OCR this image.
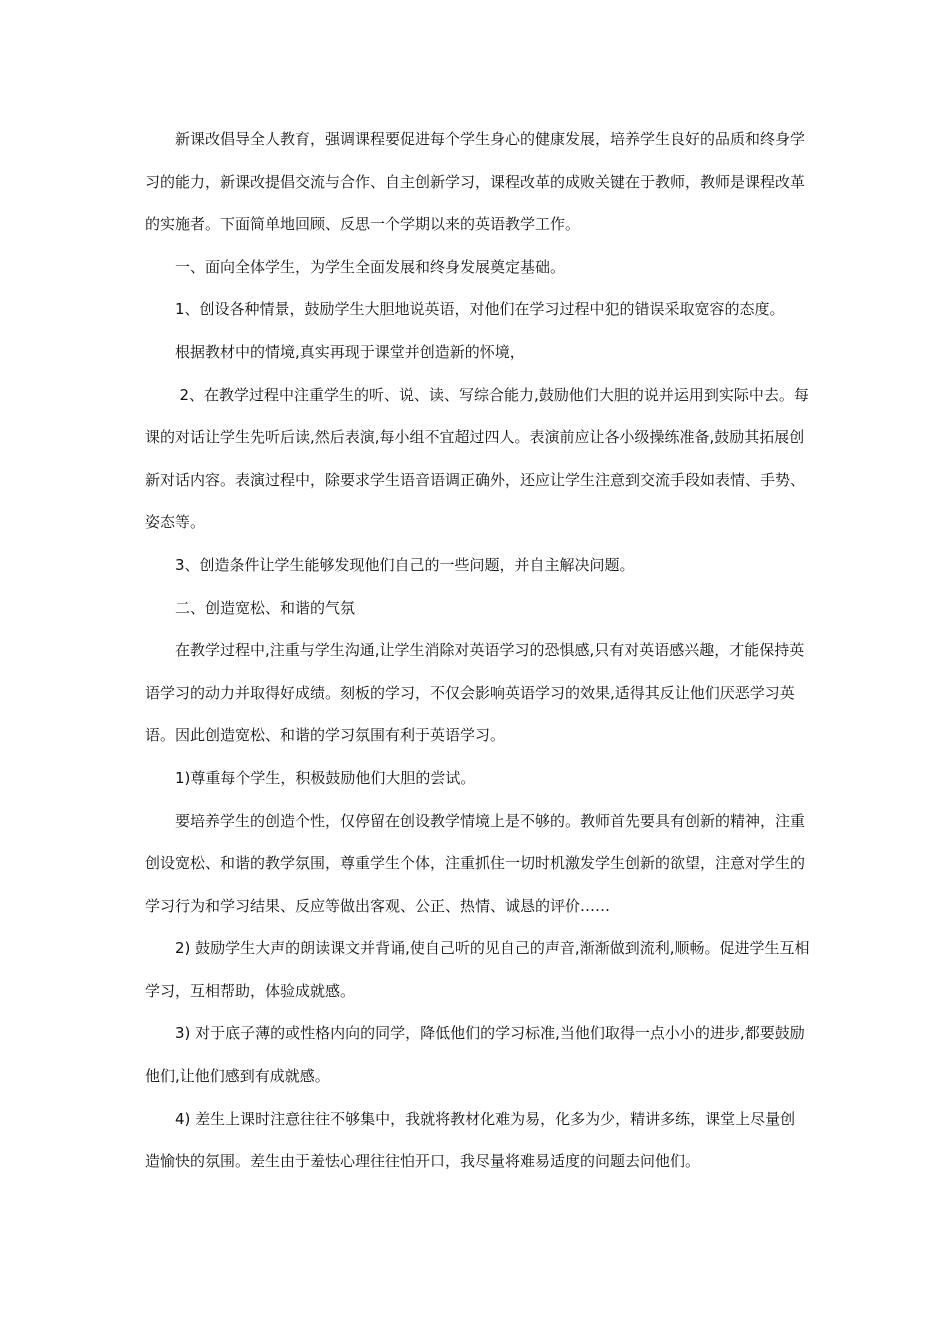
新课改倡导全人教育，强调课程要促进每个学生身心的健康发展，培养学生良好的品质和终身学习的能力，新课改提倡交流与合作、自主创新学习，课程改革的成败关键在于教师，教师是课程改革的实施者。下面简单地回顾、反思一个学期以来的英语教学工作。

一、面向全体学生，为学生全面发展和终身发展奠定基础。

1、创设各种情景，鼓励学生大胆地说英语，对他们在学习过程中犯的错误采取宽容的态度。

根据教材中的情境,真实再现于课堂并创造新的怀境，

2、在教学过程中注重学生的听、说、读、写综合能力,鼓励他们大胆的说并运用到实际中去。每课的对话让学生先听后读,然后表演,每小组不宜超过四人。表演前应让各小级操练准备,鼓励其拓展创新对话内容。表演过程中，除要求学生语音语调正确外，还应让学生注意到交流手段如表情、手势、姿态等。

3、创造条件让学生能够发现他们自己的一些问题，并自主解决问题。

二、创造宽松、和谐的气氛

在教学过程中,注重与学生沟通,让学生消除对英语学习的恐惧感,只有对英语感兴趣，才能保持英语学习的动力并取得好成绩。刻板的学习，不仅会影响英语学习的效果,适得其反让他们厌恶学习英语。因此创造宽松、和谐的学习氛围有利于英语学习。

1)尊重每个学生，积极鼓励他们大胆的尝试。

要培养学生的创造个性，仅停留在创设教学情境上是不够的。教师首先要具有创新的精神，注重创设宽松、和谐的教学氛围，尊重学生个体，注重抓住一切时机激发学生创新的欲望，注意对学生的学习行为和学习结果、反应等做出客观、公正、热情、诚恳的评价……

2) 鼓励学生大声的朗读课文并背诵,使自己听的见自己的声音,渐渐做到流利,顺畅。促进学生互相学习，互相帮助，体验成就感。

3) 对于底子薄的或性格内向的同学，降低他们的学习标准,当他们取得一点小小的进步,都要鼓励他们,让他们感到有成就感。

4) 差生上课时注意往往不够集中，我就将教材化难为易，化多为少，精讲多练，课堂上尽量创造愉快的氛围。差生由于羞怯心理往往怕开口，我尽量将难易适度的问题去问他们。
